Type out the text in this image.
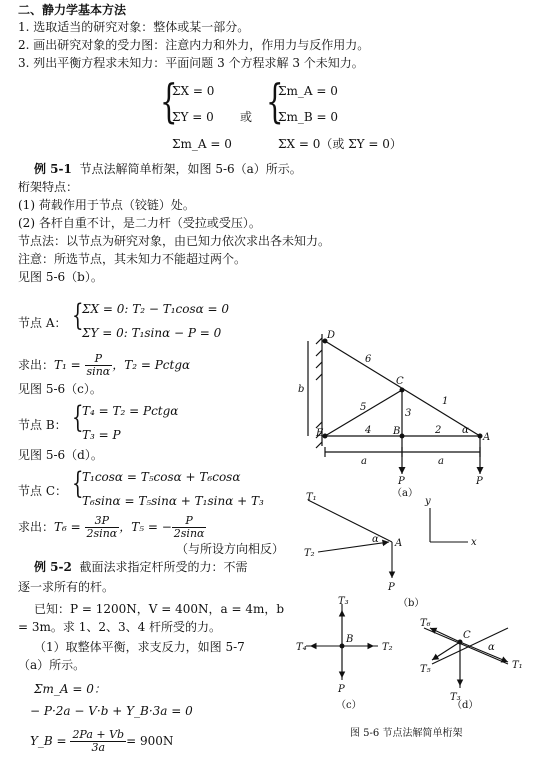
二、静力学基本方法
1. 选取适当的研究对象：整体或某一部分。
2. 画出研究对象的受力图：注意内力和外力，作用力与反作用力。
3. 列出平衡方程求未知力：平面问题 3 个方程求解 3 个未知力。
{
ΣX = 0
ΣY = 0
Σm_A = 0
或 {
Σm_A = 0
Σm_B = 0
ΣX = 0（或 ΣY = 0）
例 5-1 节点法解简单桁架，如图 5-6（a）所示。
桁架特点：
(1) 荷载作用于节点（铰链）处。
(2) 各杆自重不计，是二力杆（受拉或受压）。
节点法：以节点为研究对象，由已知力依次求出各未知力。
注意：所选节点，其未知力不能超过两个。
见图 5-6（b）。
节点 A： {
ΣX = 0: T₂ − T₁cosα = 0
ΣY = 0: T₁sinα − P = 0
求出：$T_1 = \frac{P}{\sin\alpha}$ ，T₂ = Pctgα
见图 5-6（c）。
节点 B： {
T₄ = T₂ = Pctgα
T₃ = P
见图 5-6（d）。
节点 C： {
T₁cosα = T₅cosα + T₆cosα
T₆sinα = T₅sinα + T₁sinα + T₃
求出：$T_6 = \frac{3P}{2\sin\alpha}$ ，T₅ = − $\frac{P}{2\sin\alpha}$
（与所设方向相反）
例 5-2 截面法求指定杆所受的力：不需
逐一求所有的杆。
已知：P = 1200N，V = 400N，a = 4m，b
= 3m。求 1、2、3、4 杆所受的力。
（1）取整体平衡，求支反力，如图 5-7
（a）所示。
Σm_A = 0：
− P·2a − V·b + Y_B·3a = 0
Y_B = $\frac{2Pa + Vb}{3a} = 900N$
D
C
E	B
A
b
6
5
3
1
4	2 α
a	a
P	P
（a）
T₁
T₂
A
α
P
y
x
（b）
T₃
T₄	T₂
B
P
（c）
T₆
T₅	T₁
T₃
C
α
（d）
图 5-6 节点法解简单桁架
